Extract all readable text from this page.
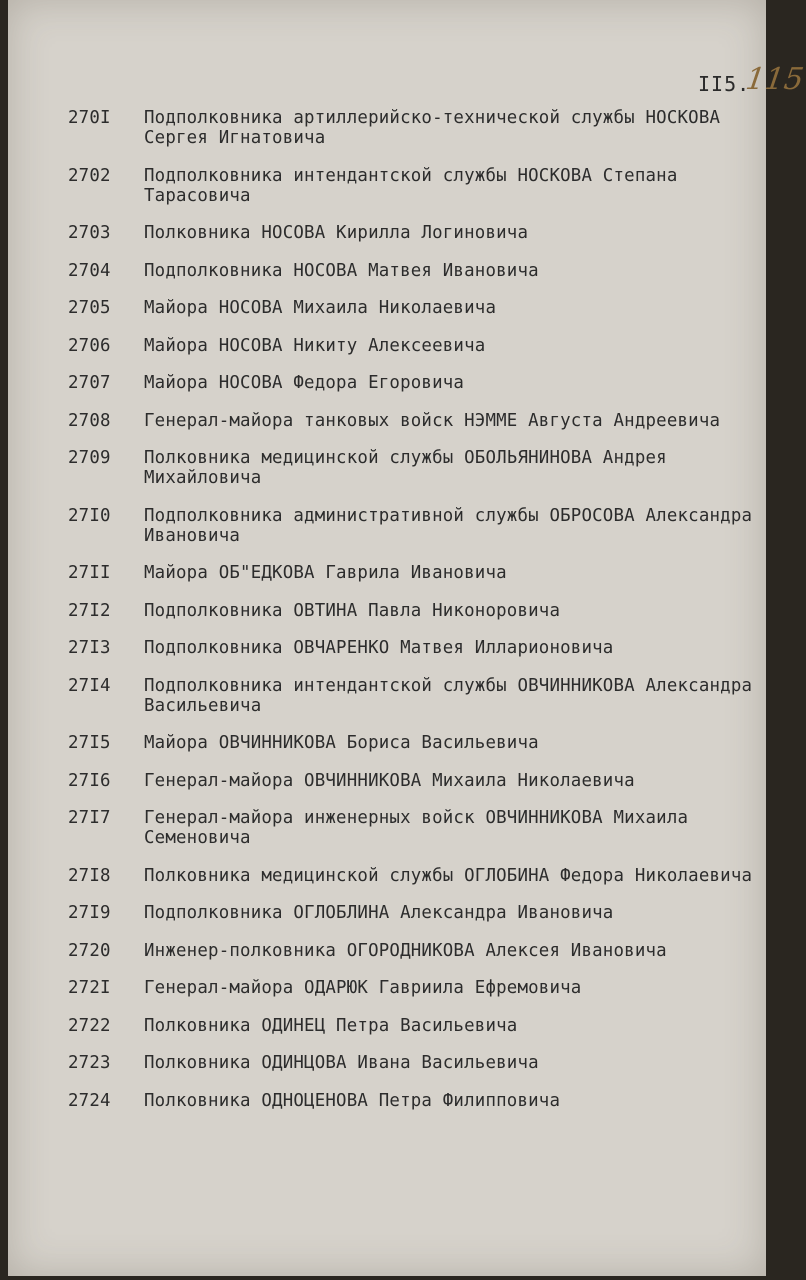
II5.
115
270I	Подполковника артиллерийско-технической службы НОСКОВА Сергея Игнатовича
2702	Подполковника интендантской службы НОСКОВА Степана Тарасовича
2703	Полковника НОСОВА Кирилла Логиновича
2704	Подполковника НОСОВА Матвея Ивановича
2705	Майора НОСОВА Михаила Николаевича
2706	Майора НОСОВА Никиту Алексеевича
2707	Майора НОСОВА Федора Егоровича
2708	Генерал-майора танковых войск НЭММЕ Августа Андреевича
2709	Полковника медицинской службы ОБОЛЬЯНИНОВА Андрея Михайловича
27I0	Подполковника административной службы ОБРОСОВА Александра Ивановича
27II	Майора ОБ"ЕДКОВА Гаврила Ивановича
27I2	Подполковника ОВТИНА Павла Никоноровича
27I3	Подполковника ОВЧАРЕНКО Матвея Илларионовича
27I4	Подполковника интендантской службы ОВЧИННИКОВА Александра Васильевича
27I5	Майора ОВЧИННИКОВА Бориса Васильевича
27I6	Генерал-майора ОВЧИННИКОВА Михаила Николаевича
27I7	Генерал-майора инженерных войск ОВЧИННИКОВА Михаила Семеновича
27I8	Полковника медицинской службы ОГЛОБИНА Федора Николаевича
27I9	Подполковника ОГЛОБЛИНА Александра Ивановича
2720	Инженер-полковника ОГОРОДНИКОВА Алексея Ивановича
272I	Генерал-майора ОДАРЮК Гавриила Ефремовича
2722	Полковника ОДИНЕЦ Петра Васильевича
2723	Полковника ОДИНЦОВА Ивана Васильевича
2724	Полковника ОДНОЦЕНОВА Петра Филипповича
